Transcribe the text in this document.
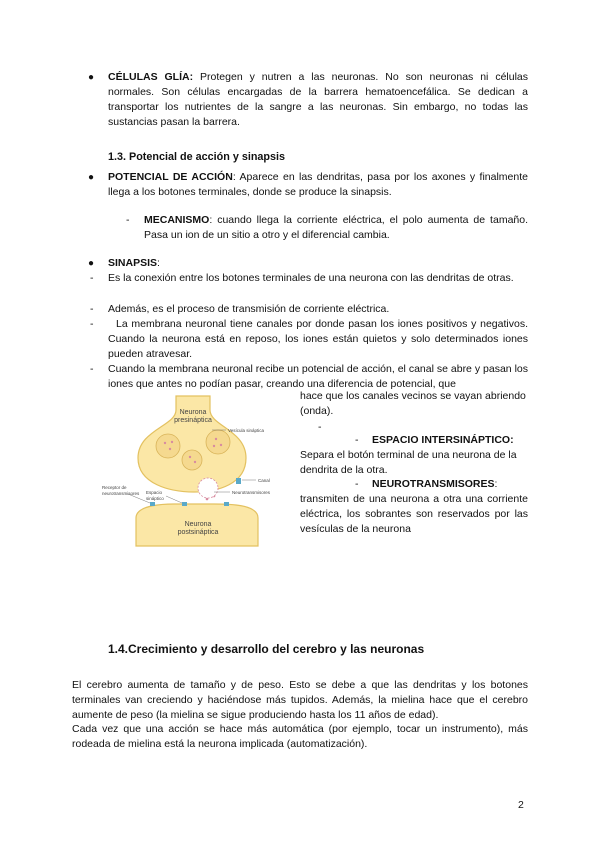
● CÉLULAS GLÍA: Protegen y nutren a las neuronas. No son neuronas ni células normales. Son células encargadas de la barrera hematoencefálica. Se dedican a transportar los nutrientes de la sangre a las neuronas. Sin embargo, no todas las sustancias pasan la barrera.

1.3. Potencial de acción y sinapsis
● POTENCIAL DE ACCIÓN: Aparece en las dendritas, pasa por los axones y finalmente llega a los botones terminales, donde se produce la sinapsis.

- MECANISMO: cuando llega la corriente eléctrica, el polo aumenta de tamaño. Pasa un ion de un sitio a otro y el diferencial cambia.

● SINAPSIS:

- Es la conexión entre los botones terminales de una neurona con las dendritas de otras.

- Además, es el proceso de transmisión de corriente eléctrica.

-	La membrana neuronal tiene canales por donde pasan los iones positivos y negativos. Cuando la neurona está en reposo, los iones están quietos y solo determinados iones pueden atravesar.

- Cuando la membrana neuronal recibe un potencial de acción, el canal se abre y pasan los iones que antes no podían pasar, creando una diferencia de potencial, que

hace que los canales vecinos se vayan abriendo (onda).

-
- ESPACIO INTERSINÁPTICO:

Separa el botón terminal de una neurona de la dendrita de la otra.

- NEUROTRANSMISORES:

transmiten de una neurona a otra una corriente eléctrica, los sobrantes son reservados por las vesículas de la neurona

Neurona
presináptica
Vesícula sináptica
Canal
Neurotransmisores
Receptor de
neurotransmisores Espacio
sináptico
Neurona
postsináptica
1.4.Crecimiento y desarrollo del cerebro y las neuronas

El cerebro aumenta de tamaño y de peso. Esto se debe a que las dendritas y los botones terminales van creciendo y haciéndose más tupidos. Además, la mielina hace que el cerebro aumente de peso (la mielina se sigue produciendo hasta los 11 años de edad).

Cada vez que una acción se hace más automática (por ejemplo, tocar un instrumento), más rodeada de mielina está la neurona implicada (automatización).

2
